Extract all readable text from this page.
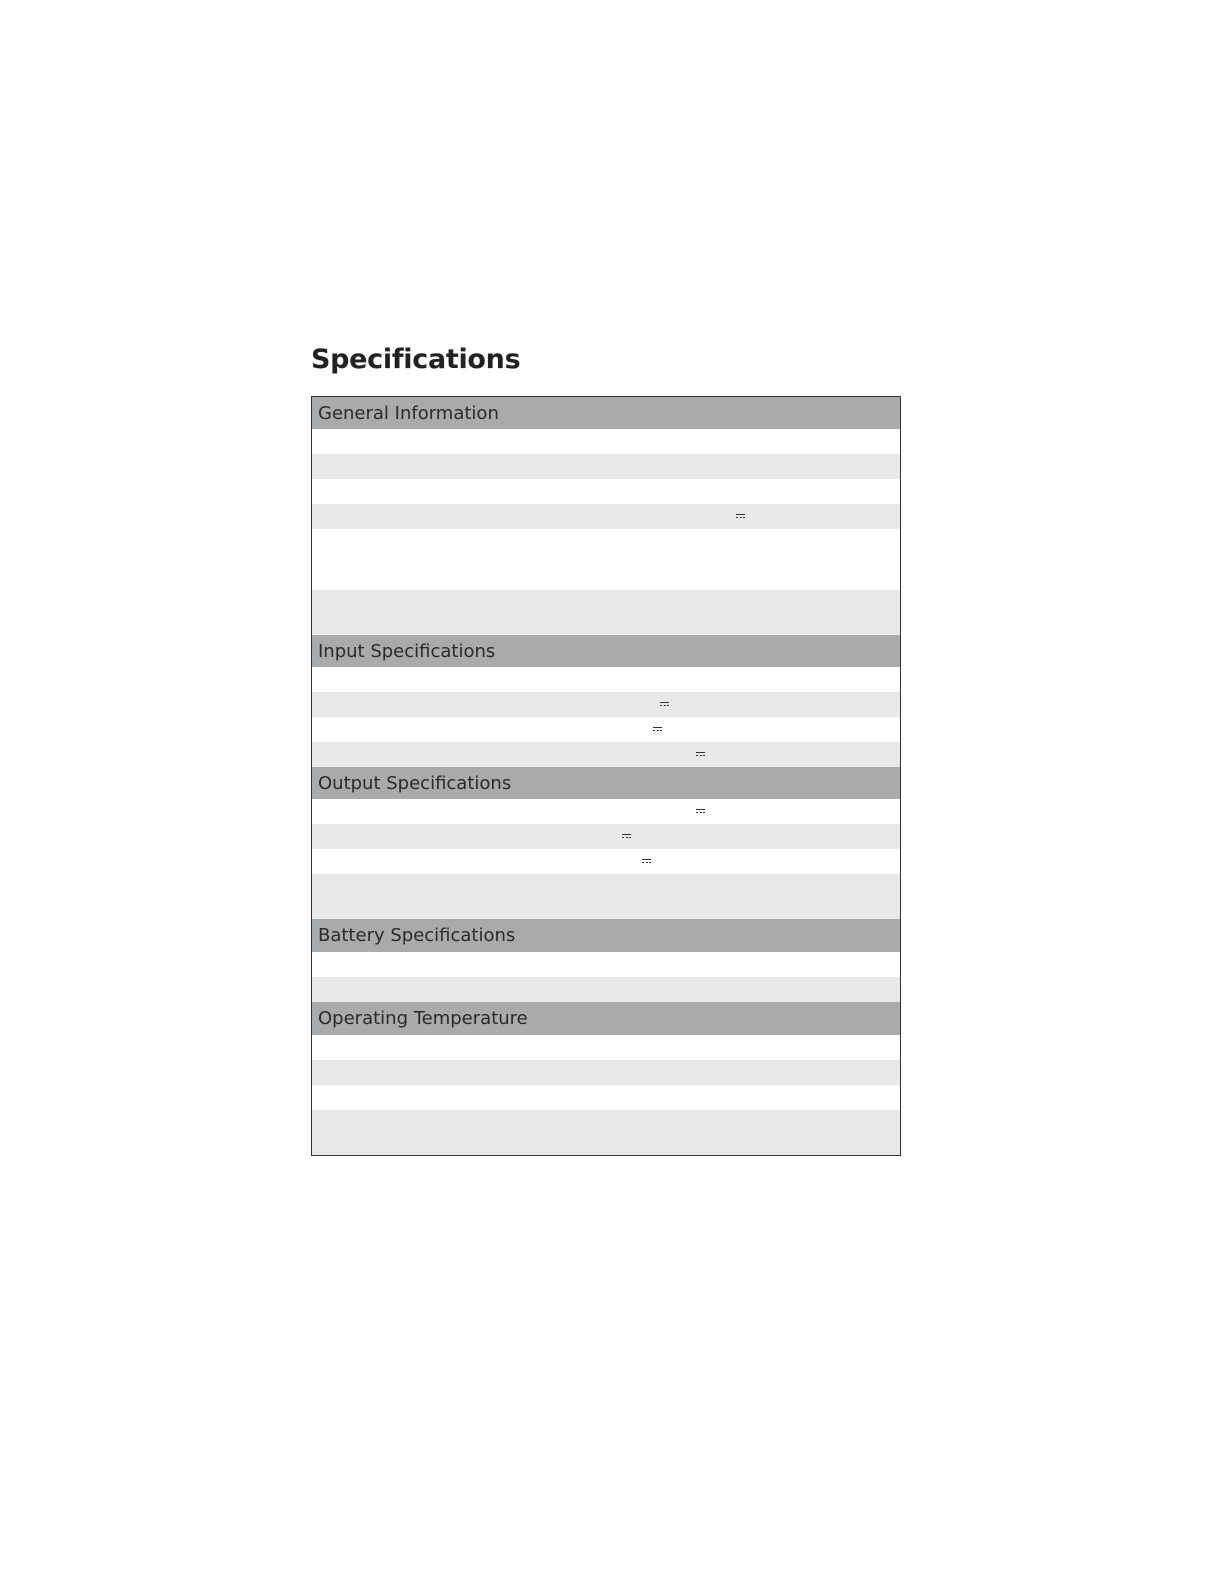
Specifications
General Information
Input Specifications
Output Specifications
Battery Specifications
Operating Temperature
